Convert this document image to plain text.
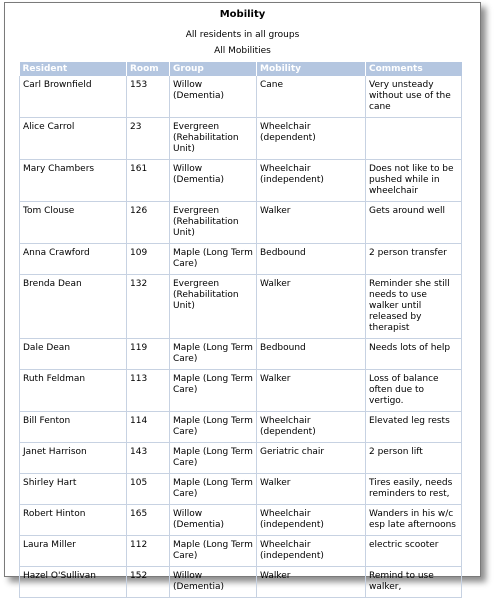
Mobility
All residents in all groups
All Mobilities
Resident	Room	Group	Mobility	Comments
Carl Brownfield	153	Willow (Dementia)	Cane	Very unsteady without use of the cane
Alice Carrol	23	Evergreen (Rehabilitation Unit)	Wheelchair (dependent)	
Mary Chambers	161	Willow (Dementia)	Wheelchair (independent)	Does not like to be pushed while in wheelchair
Tom Clouse	126	Evergreen (Rehabilitation Unit)	Walker	Gets around well
Anna Crawford	109	Maple (Long Term Care)	Bedbound	2 person transfer
Brenda Dean	132	Evergreen (Rehabilitation Unit)	Walker	Reminder she still needs to use walker until released by therapist
Dale Dean	119	Maple (Long Term Care)	Bedbound	Needs lots of help
Ruth Feldman	113	Maple (Long Term Care)	Walker	Loss of balance often due to vertigo.
Bill Fenton	114	Maple (Long Term Care)	Wheelchair (dependent)	Elevated leg rests
Janet Harrison	143	Maple (Long Term Care)	Geriatric chair	2 person lift
Shirley Hart	105	Maple (Long Term Care)	Walker	Tires easily, needs reminders to rest,
Robert Hinton	165	Willow (Dementia)	Wheelchair (independent)	Wanders in his w/c esp late afternoons
Laura Miller	112	Maple (Long Term Care)	Wheelchair (independent)	electric scooter
Hazel O'Sullivan	152	Willow (Dementia)	Walker	Remind to use walker,
